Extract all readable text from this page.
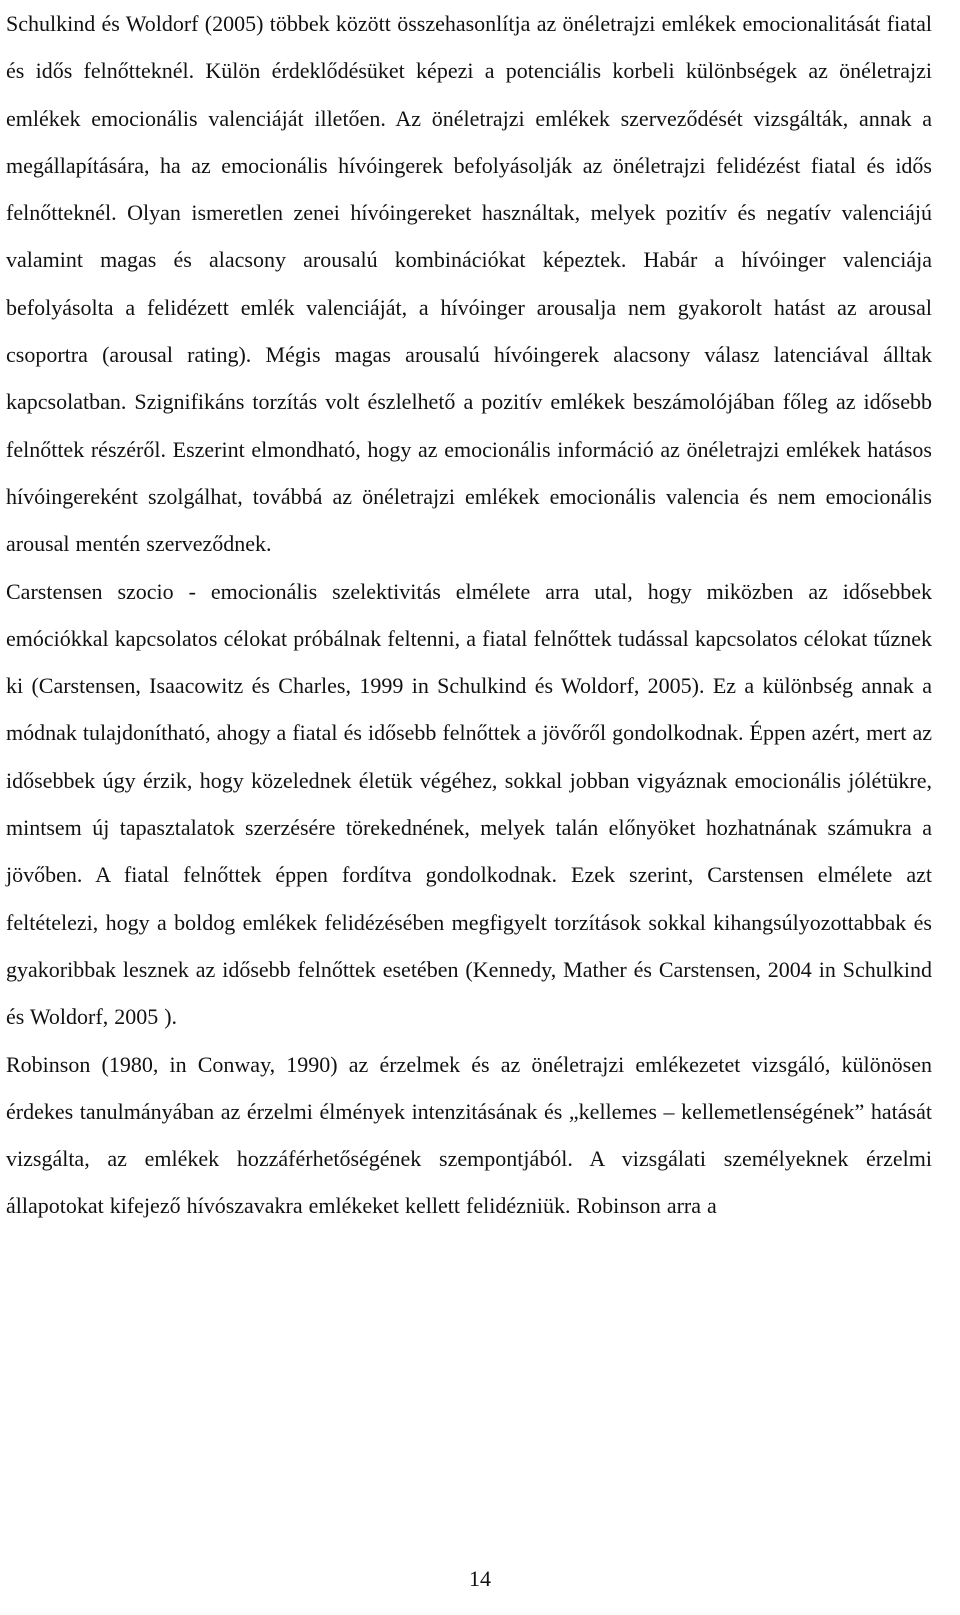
Schulkind és Woldorf (2005) többek között összehasonlítja az önéletrajzi emlékek emocionalitását fiatal és idős felnőtteknél. Külön érdeklődésüket képezi a potenciális korbeli különbségek az önéletrajzi emlékek emocionális valenciáját illetően. Az önéletrajzi emlékek szerveződését vizsgálták, annak a megállapítására, ha az emocionális hívóingerek befolyásolják az önéletrajzi felidézést fiatal és idős felnőtteknél. Olyan ismeretlen zenei hívóingereket használtak, melyek pozitív és negatív valenciájú valamint magas és alacsony arousalú kombinációkat képeztek. Habár a hívóinger valenciája befolyásolta a felidézett emlék valenciáját, a hívóinger arousalja nem gyakorolt hatást az arousal csoportra (arousal rating). Mégis magas arousalú hívóingerek alacsony válasz latenciával álltak kapcsolatban. Szignifikáns torzítás volt észlelhető a pozitív emlékek beszámolójában főleg az idősebb felnőttek részéről. Eszerint elmondható, hogy az emocionális információ az önéletrajzi emlékek hatásos hívóingereként szolgálhat, továbbá az önéletrajzi emlékek emocionális valencia és nem emocionális arousal mentén szerveződnek.

Carstensen szocio - emocionális szelektivitás elmélete arra utal, hogy miközben az idősebbek emóciókkal kapcsolatos célokat próbálnak feltenni, a fiatal felnőttek tudással kapcsolatos célokat tűznek ki (Carstensen, Isaacowitz és Charles, 1999 in Schulkind és Woldorf, 2005). Ez a különbség annak a módnak tulajdonítható, ahogy a fiatal és idősebb felnőttek a jövőről gondolkodnak. Éppen azért, mert az idősebbek úgy érzik, hogy közelednek életük végéhez, sokkal jobban vigyáznak emocionális jólétükre, mintsem új tapasztalatok szerzésére törekednének, melyek talán előnyöket hozhatnának számukra a jövőben. A fiatal felnőttek éppen fordítva gondolkodnak. Ezek szerint, Carstensen elmélete azt feltételezi, hogy a boldog emlékek felidézésében megfigyelt torzítások sokkal kihangsúlyozottabbak és gyakoribbak lesznek az idősebb felnőttek esetében (Kennedy, Mather és Carstensen, 2004 in Schulkind és Woldorf, 2005 ).

Robinson (1980, in Conway, 1990) az érzelmek és az önéletrajzi emlékezetet vizsgáló, különösen érdekes tanulmányában az érzelmi élmények intenzitásának és „kellemes – kellemetlenségének” hatását vizsgálta, az emlékek hozzáférhetőségének szempontjából. A vizsgálati személyeknek érzelmi állapotokat kifejező hívószavakra emlékeket kellett felidézniük. Robinson arra a

14
